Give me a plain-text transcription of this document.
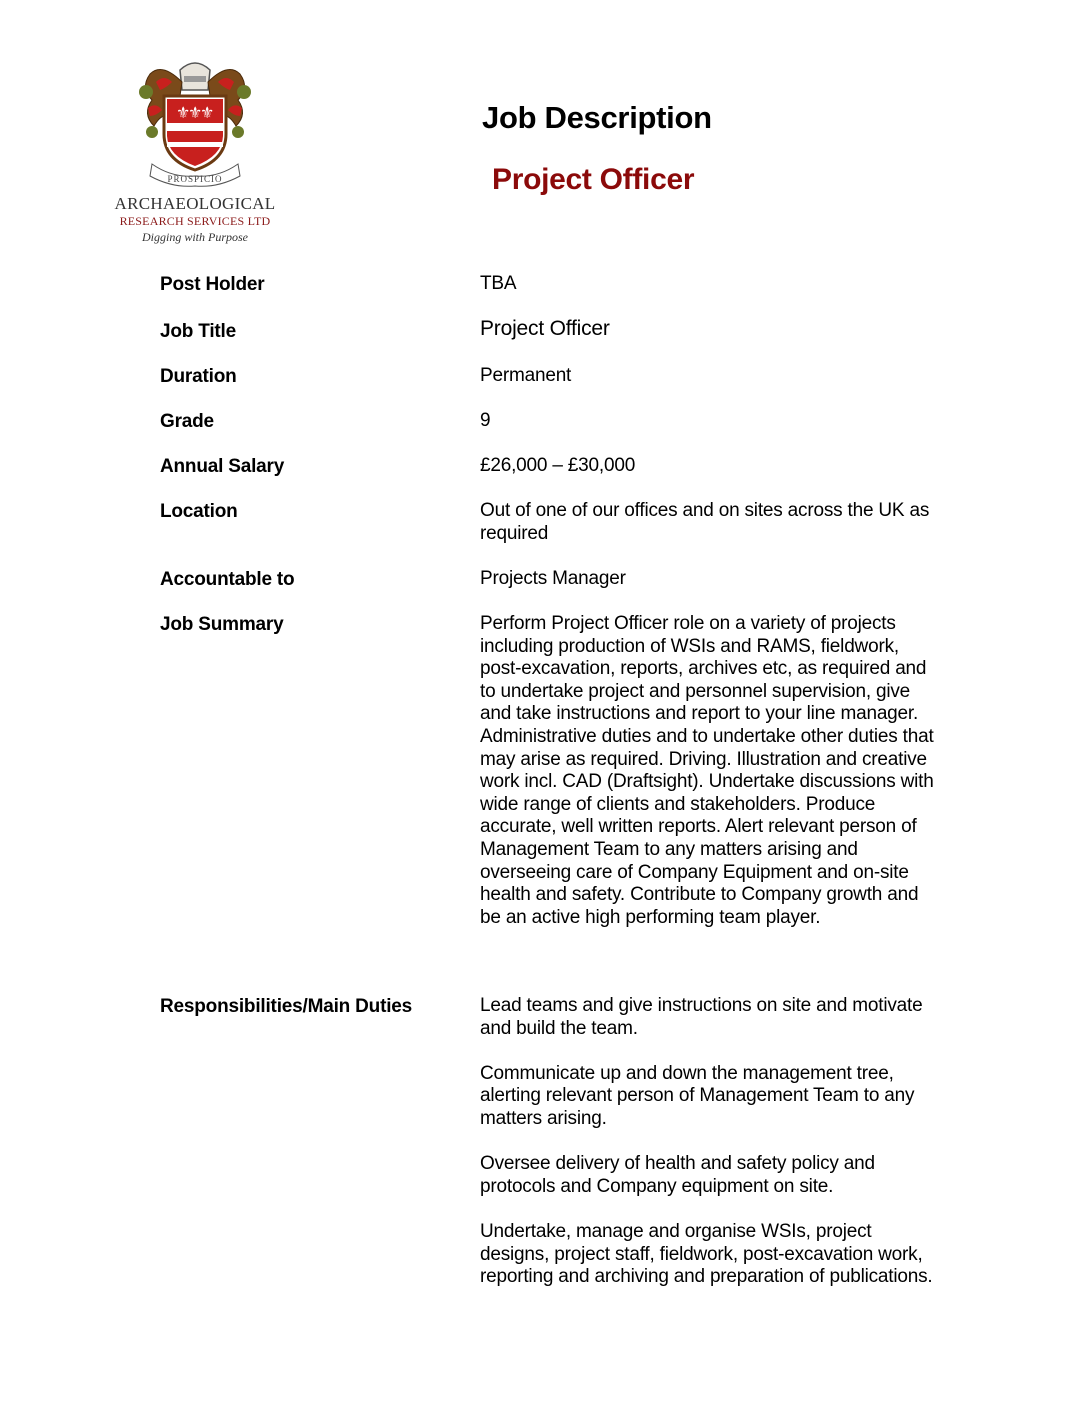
⚜
⚜
⚜
PROSPICIO
ARCHAEOLOGICAL
RESEARCH SERVICES LTD
Digging with Purpose
Job Description
Project Officer
Post Holder	TBA
Job Title	Project Officer
Duration	Permanent
Grade	9
Annual Salary	£26,000 – £30,000
Location	Out of one of our offices and on sites across the UK as required
Accountable to	Projects Manager
Job Summary	Perform Project Officer role on a variety of projects including production of WSIs and RAMS, fieldwork, post-excavation, reports, archives etc, as required and to undertake project and personnel supervision, give and take instructions and report to your line manager. Administrative duties and to undertake other duties that may arise as required. Driving. Illustration and creative work incl. CAD (Draftsight). Undertake discussions with wide range of clients and stakeholders. Produce accurate, well written reports. Alert relevant person of Management Team to any matters arising and overseeing care of Company Equipment and on-site health and safety. Contribute to Company growth and be an active high performing team player.
Responsibilities/Main Duties	Lead teams and give instructions on site and motivate and build the team.

Communicate up and down the management tree, alerting relevant person of Management Team to any matters arising.

Oversee delivery of health and safety policy and protocols and Company equipment on site.

Undertake, manage and organise WSIs, project designs, project staff, fieldwork, post-excavation work, reporting and archiving and preparation of publications.
